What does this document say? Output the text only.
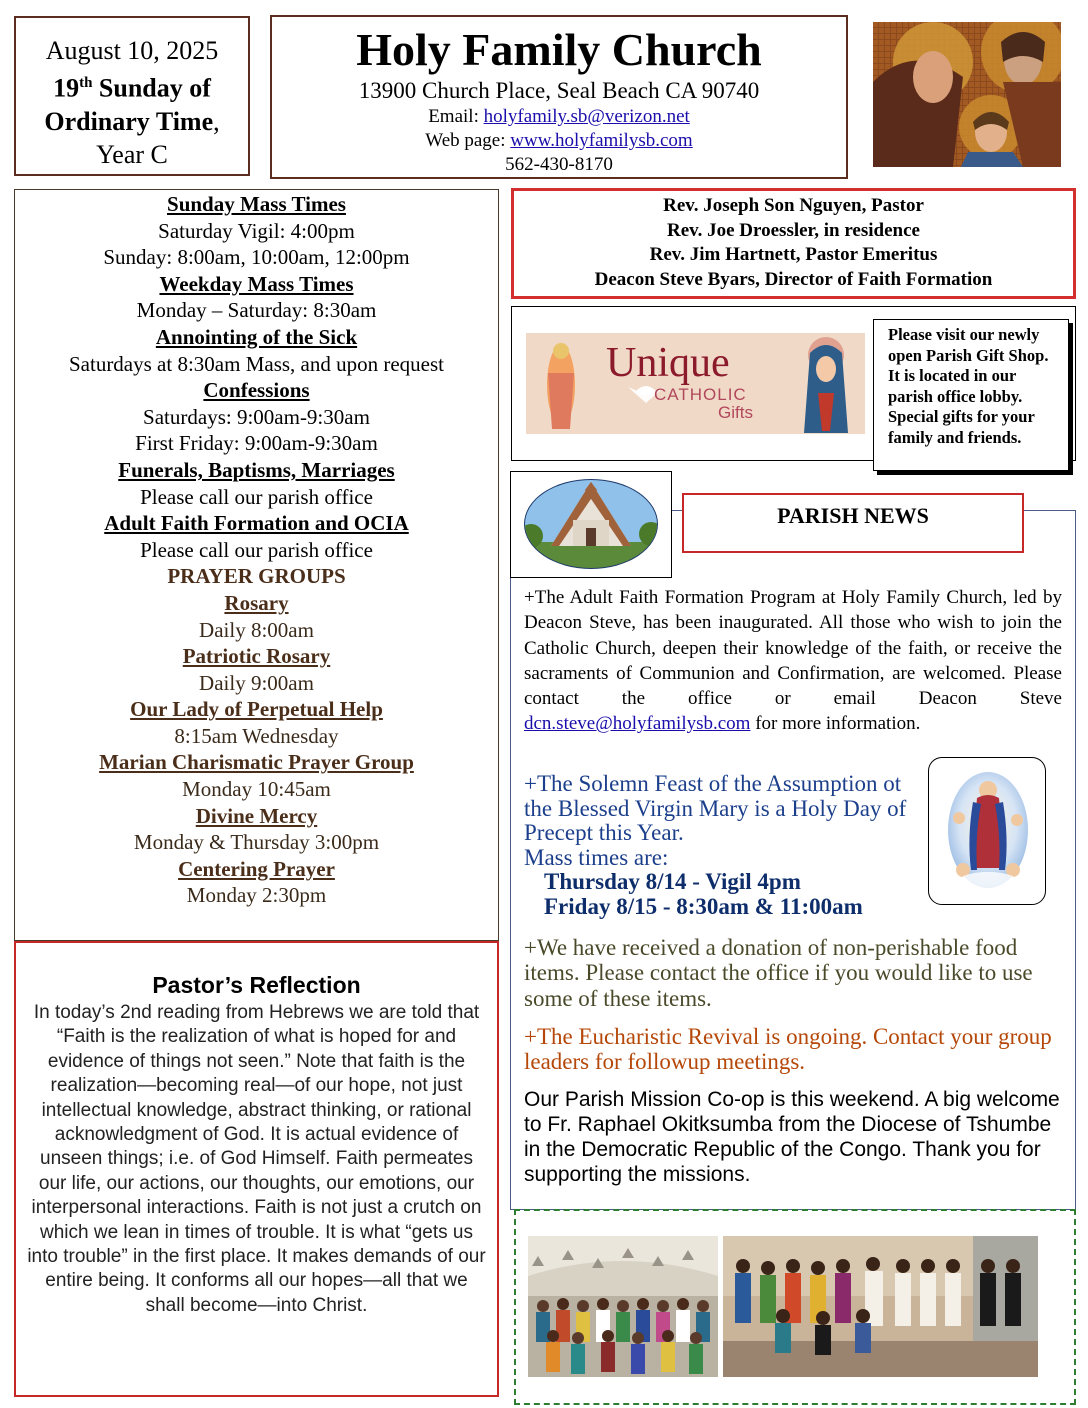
August 10, 2025
19th Sunday of
Ordinary Time,
Year C
Holy Family Church
13900 Church Place, Seal Beach CA 90740
Email: holyfamily.sb@verizon.net
Web page: www.holyfamilysb.com
562-430-8170
Sunday Mass Times
Saturday Vigil: 4:00pm
Sunday: 8:00am, 10:00am, 12:00pm
Weekday Mass Times
Monday – Saturday: 8:30am
Annointing of the Sick
Saturdays at 8:30am Mass, and upon request
Confessions
Saturdays: 9:00am-9:30am
First Friday: 9:00am-9:30am
Funerals, Baptisms, Marriages
Please call our parish office
Adult Faith Formation and OCIA
Please call our parish office
PRAYER GROUPS
Rosary
Daily 8:00am
Patriotic Rosary
Daily 9:00am
Our Lady of Perpetual Help
8:15am Wednesday
Marian Charismatic Prayer Group
Monday 10:45am
Divine Mercy
Monday & Thursday 3:00pm
Centering Prayer
Monday 2:30pm
Pastor’s Reflection
In today’s 2nd reading from Hebrews we are told that “Faith is the realization of what is hoped for and evidence of things not seen.” Note that faith is the realization—becoming real—of our hope, not just intellectual knowledge, abstract thinking, or rational acknowledgment of God. It is actual evidence of unseen things; i.e. of God Himself. Faith permeates our life, our actions, our thoughts, our emotions, our interpersonal interactions. Faith is not just a crutch on which we lean in times of trouble. It is what “gets us into trouble” in the first place. It makes demands of our entire being. It conforms all our hopes—all that we shall become—into Christ.
Rev. Joseph Son Nguyen, Pastor
Rev. Joe Droessler, in residence
Rev. Jim Hartnett, Pastor Emeritus
Deacon Steve Byars, Director of Faith Formation
Unique
CATHOLIC
Gifts
Please visit our newly open Parish Gift Shop. It is located in our parish office lobby. Special gifts for your family and friends.
PARISH NEWS
+The Adult Faith Formation Program at Holy Family Church, led by Deacon Steve, has been inaugurated. All those who wish to join the Catholic Church, deepen their knowledge of the faith, or receive the sacraments of Communion and Confirmation, are welcomed. Please contact the office or email Deacon Steve dcn.steve@holyfamilysb.com for more information.
+The Solemn Feast of the Assumption ot the Blessed Virgin Mary is a Holy Day of Precept this Year.
Mass times are:
Thursday 8/14 - Vigil 4pm
Friday 8/15 - 8:30am & 11:00am
+We have received a donation of non-perishable food items. Please contact the office if you would like to use some of these items.
+The Eucharistic Revival is ongoing. Contact your group leaders for followup meetings.
Our Parish Mission Co-op is this weekend. A big welcome to Fr. Raphael Okitksumba from the Diocese of Tshumbe in the Democratic Republic of the Congo. Thank you for supporting the missions.
